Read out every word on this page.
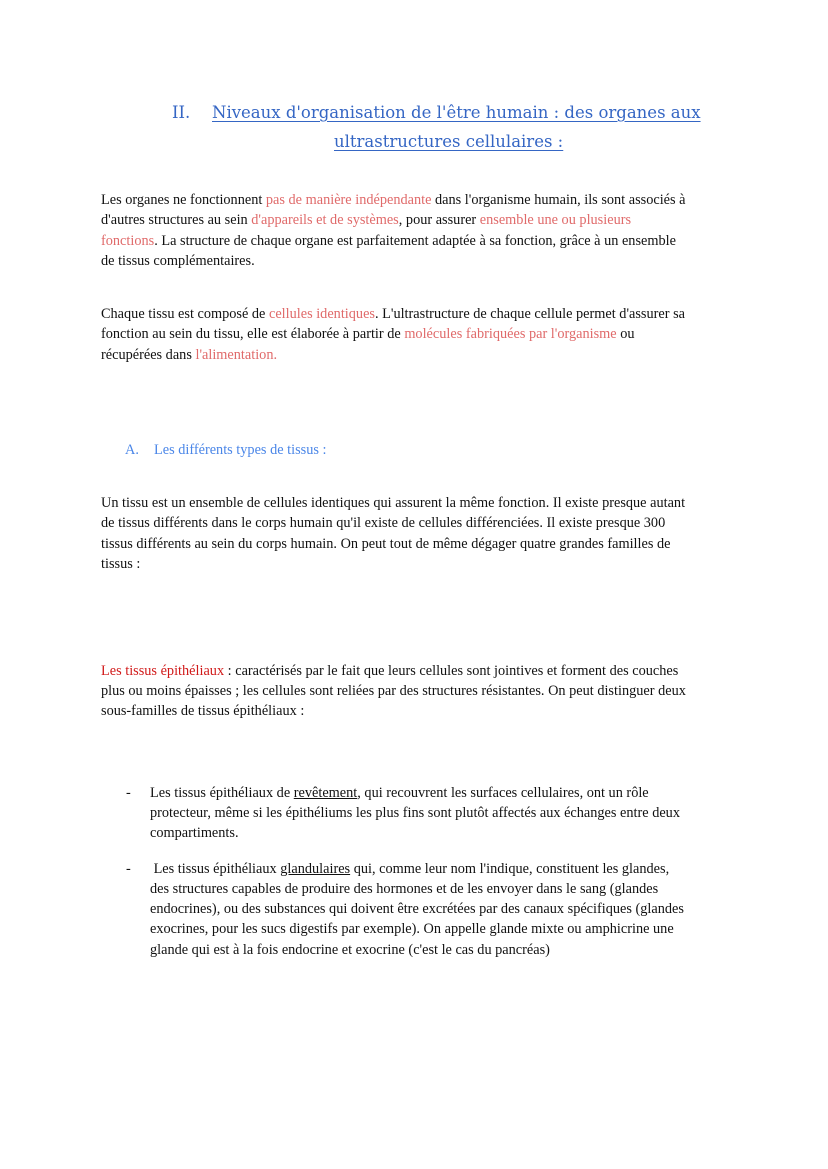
II. Niveaux d'organisation de l'être humain : des organes aux
ultrastructures cellulaires :
Les organes ne fonctionnent pas de manière indépendante dans l'organisme humain, ils sont associés à
d'autres structures au sein d'appareils et de systèmes, pour assurer ensemble une ou plusieurs
fonctions. La structure de chaque organe est parfaitement adaptée à sa fonction, grâce à un ensemble
de tissus complémentaires.
Chaque tissu est composé de cellules identiques. L'ultrastructure de chaque cellule permet d'assurer sa
fonction au sein du tissu, elle est élaborée à partir de molécules fabriquées par l'organisme ou
récupérées dans l'alimentation.
A. Les différents types de tissus :
Un tissu est un ensemble de cellules identiques qui assurent la même fonction. Il existe presque autant
de tissus différents dans le corps humain qu'il existe de cellules différenciées. Il existe presque 300
tissus différents au sein du corps humain. On peut tout de même dégager quatre grandes familles de
tissus :
Les tissus épithéliaux : caractérisés par le fait que leurs cellules sont jointives et forment des couches
plus ou moins épaisses ; les cellules sont reliées par des structures résistantes. On peut distinguer deux
sous-familles de tissus épithéliaux :
- Les tissus épithéliaux de revêtement, qui recouvrent les surfaces cellulaires, ont un rôle
protecteur, même si les épithéliums les plus fins sont plutôt affectés aux échanges entre deux
compartiments.
- Les tissus épithéliaux glandulaires qui, comme leur nom l'indique, constituent les glandes,
des structures capables de produire des hormones et de les envoyer dans le sang (glandes
endocrines), ou des substances qui doivent être excrétées par des canaux spécifiques (glandes
exocrines, pour les sucs digestifs par exemple). On appelle glande mixte ou amphicrine une
glande qui est à la fois endocrine et exocrine (c'est le cas du pancréas)
